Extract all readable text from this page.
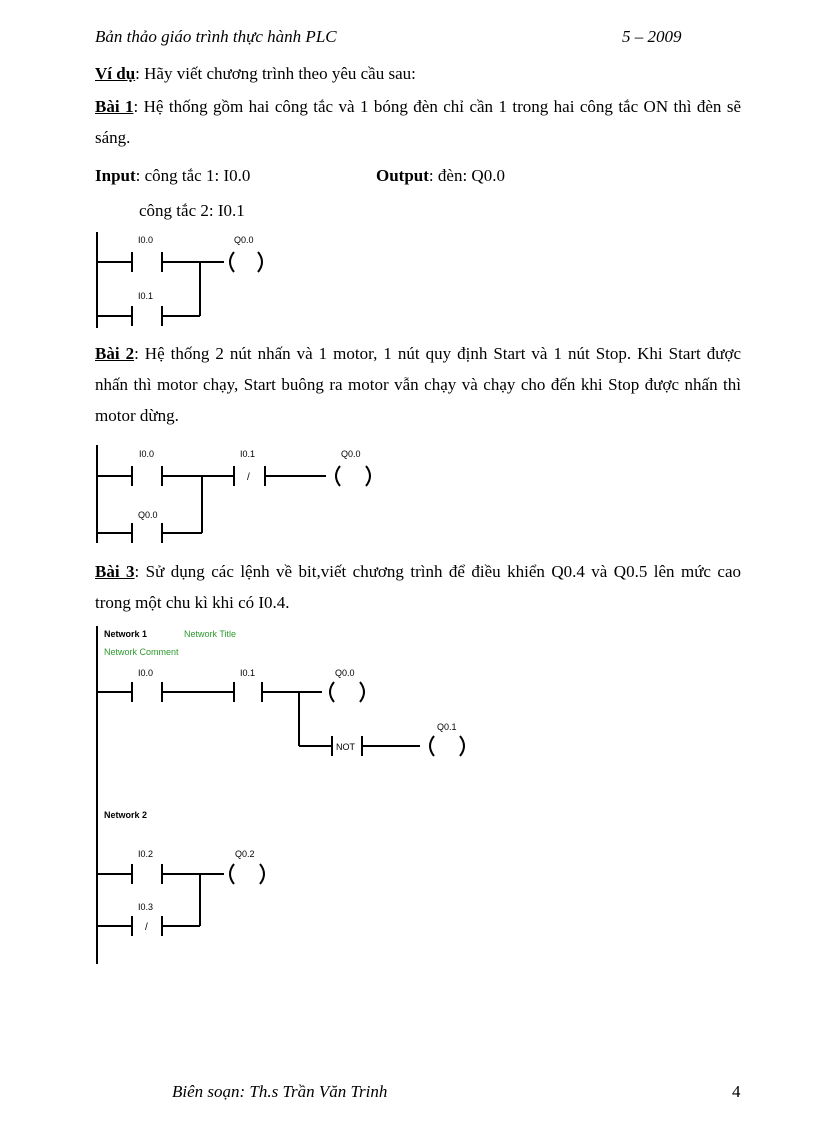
Bản thảo giáo trình thực hành PLC	5 – 2009
Ví dụ: Hãy viết chương trình theo yêu cầu sau:
Bài 1: Hệ thống gồm hai công tắc và 1 bóng đèn chỉ cần 1 trong hai công tắc ON thì đèn sẽ sáng.
Input: công tắc 1: I0.0	Output: đèn: Q0.0
công tắc 2: I0.1
I0.0	Q0.0
I0.1
Bài 2: Hệ thống 2 nút nhấn và 1 motor, 1 nút quy định Start và 1 nút Stop. Khi Start được nhấn thì motor chạy, Start buông ra motor vẫn chạy và chạy cho đến khi Stop được nhấn thì motor dừng.
I0.0	I0.1
/
Q0.0
Q0.0
Bài 3: Sử dụng các lệnh về bit,viết chương trình để điều khiển Q0.4 và Q0.5 lên mức cao trong một chu kì khi có I0.4.
Network 1	Network Title
Network Comment
I0.0	I0.1	Q0.0
NOT
Q0.1
Network 2
I0.2	Q0.2
I0.3
/
Biên soạn: Th.s Trần Văn Trinh	4
